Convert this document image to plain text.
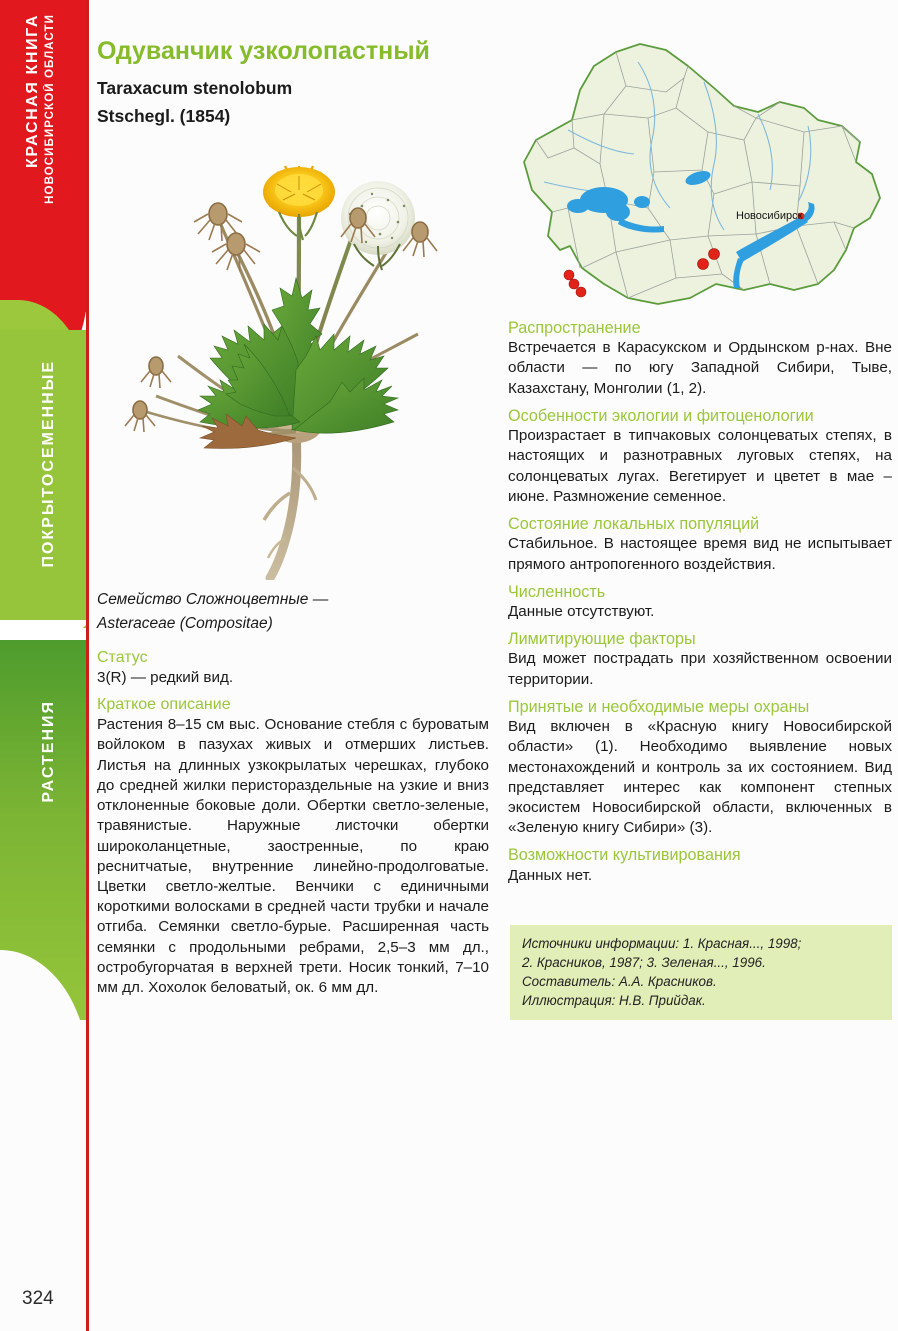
КРАСНАЯ КНИГА НОВОСИБИРСКОЙ ОБЛАСТИ
ПОКРЫТОСЕМЕННЫЕ
РАСТЕНИЯ
324
Одуванчик узколопастный
Taraxacum stenolobum
Stschegl. (1854)
Новосибирск
Семейство Сложноцветные —
Asteraceae (Compositae)
Статус

3(R) — редкий вид.

Краткое описание

Растения 8–15 см выс. Основание стебля с буроватым войлоком в пазухах живых и отмерших листьев. Листья на длинных узкокрылатых черешках, глубоко до средней жилки перистораздельные на узкие и вниз отклоненные боковые доли. Обертки светло-зеленые, травянистые. Наружные листочки обертки широколанцетные, заостренные, по краю реснитчатые, внутренние линейно-продолговатые. Цветки светло-желтые. Венчики с единичными короткими волосками в средней части трубки и начале отгиба. Семянки светло-бурые. Расширенная часть семянки с продольными ребрами, 2,5–3 мм дл., остробугорчатая в верхней трети. Носик тонкий, 7–10 мм дл. Хохолок беловатый, ок. 6 мм дл.

Распространение

Встречается в Карасукском и Ордынском р-нах. Вне области — по югу Западной Сибири, Тыве, Казахстану, Монголии (1, 2).

Особенности экологии и фитоценологии

Произрастает в типчаковых солонцеватых степях, в настоящих и разнотравных луговых степях, на солонцеватых лугах. Вегетирует и цветет в мае – июне. Размножение семенное.

Состояние локальных популяций

Стабильное. В настоящее время вид не испытывает прямого антропогенного воздействия.

Численность

Данные отсутствуют.

Лимитирующие факторы

Вид может пострадать при хозяйственном освоении территории.

Принятые и необходимые меры охраны

Вид включен в «Красную книгу Новосибирской области» (1). Необходимо выявление новых местонахождений и контроль за их состоянием. Вид представляет интерес как компонент степных экосистем Новосибирской области, включенных в «Зеленую книгу Сибири» (3).

Возможности культивирования

Данных нет.

Источники информации: 1. Красная..., 1998;

2. Красников, 1987; 3. Зеленая..., 1996.

Составитель: А.А. Красников.

Иллюстрация: Н.В. Прийдак.
